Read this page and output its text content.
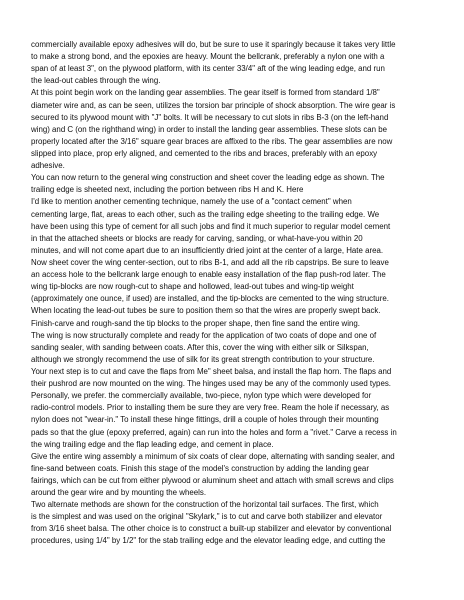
commercially available epoxy adhesives will do, but be sure to use it sparingly because it takes very little
to make a strong bond, and the epoxies are heavy. Mount the bellcrank, preferably a nylon one with a
span of at least 3", on the plywood platform, with its center 33/4" aft of the wing leading edge, and run
the lead-out cables through the wing.
At this point begin work on the landing gear assemblies. The gear itself is formed from standard 1/8"
diameter wire and, as can be seen, utilizes the torsion bar principle of shock absorption. The wire gear is
secured to its plywood mount with "J" bolts. It will be necessary to cut slots in ribs B-3 (on the left-hand
wing) and C (on the righthand wing) in order to install the landing gear assemblies. These slots can be
properly located after the 3/16" square gear braces are affixed to the ribs. The gear assemblies are now
slipped into place, prop erly aligned, and cemented to the ribs and braces, preferably with an epoxy
adhesive.
You can now return to the general wing construction and sheet cover the leading edge as shown. The
trailing edge is sheeted next, including the portion between ribs H and K. Here
I'd like to mention another cementing technique, namely the use of a "contact cement" when
cementing large, flat, areas to each other, such as the trailing edge sheeting to the trailing edge. We
have been using this type of cement for all such jobs and find it much superior to regular model cement
in that the attached sheets or blocks are ready for carving, sanding, or what-have-you within 20
minutes, and will not come apart due to an insufficiently dried joint at the center of a large, Hate area.
Now sheet cover the wing center-section, out to ribs B-1, and add all the rib capstrips. Be sure to leave
an access hole to the bellcrank large enough to enable easy installation of the flap push-rod later. The
wing tip-blocks are now rough-cut to shape and hollowed, lead-out tubes and wing-tip weight
(approximately one ounce, if used) are installed, and the tip-blocks are cemented to the wing structure.
When locating the lead-out tubes be sure to position them so that the wires are properly swept back.
Finish-carve and rough-sand the tip blocks to the proper shape, then fine sand the entire wing.
The wing is now structurally complete and ready for the application of two coats of dope and one of
sanding sealer, with sanding between coats. After this, cover the wing with either silk or Silkspan,
although we strongly recommend the use of silk for its great strength contribution to your structure.
Your next step is to cut and cave the flaps from Me" sheet balsa, and install the flap horn. The flaps and
their pushrod are now mounted on the wing. The hinges used may be any of the commonly used types.
Personally, we prefer. the commercially available, two-piece, nylon type which were developed for
radio-control models. Prior to installing them be sure they are very free. Ream the hole if necessary, as
nylon does not "wear-in." To install these hinge fittings, drill a couple of holes through their mounting
pads so that the glue (epoxy preferred, again) can run into the holes and form a "rivet." Carve a recess in
the wing trailing edge and the flap leading edge, and cement in place.
Give the entire wing assembly a minimum of six coats of clear dope, alternating with sanding sealer, and
fine-sand between coats. Finish this stage of the model's construction by adding the landing gear
fairings, which can be cut from either plywood or aluminum sheet and attach with small screws and clips
around the gear wire and by mounting the wheels.
Two alternate methods are shown for the construction of the horizontal tail surfaces. The first, which
is the simplest and was used on the original "Skylark," is to cut and carve both stabilizer and elevator
from 3/16 sheet balsa. The other choice is to construct a built-up stabilizer and elevator by conventional
procedures, using 1/4" by 1/2" for the stab trailing edge and the elevator leading edge, and cutting the
